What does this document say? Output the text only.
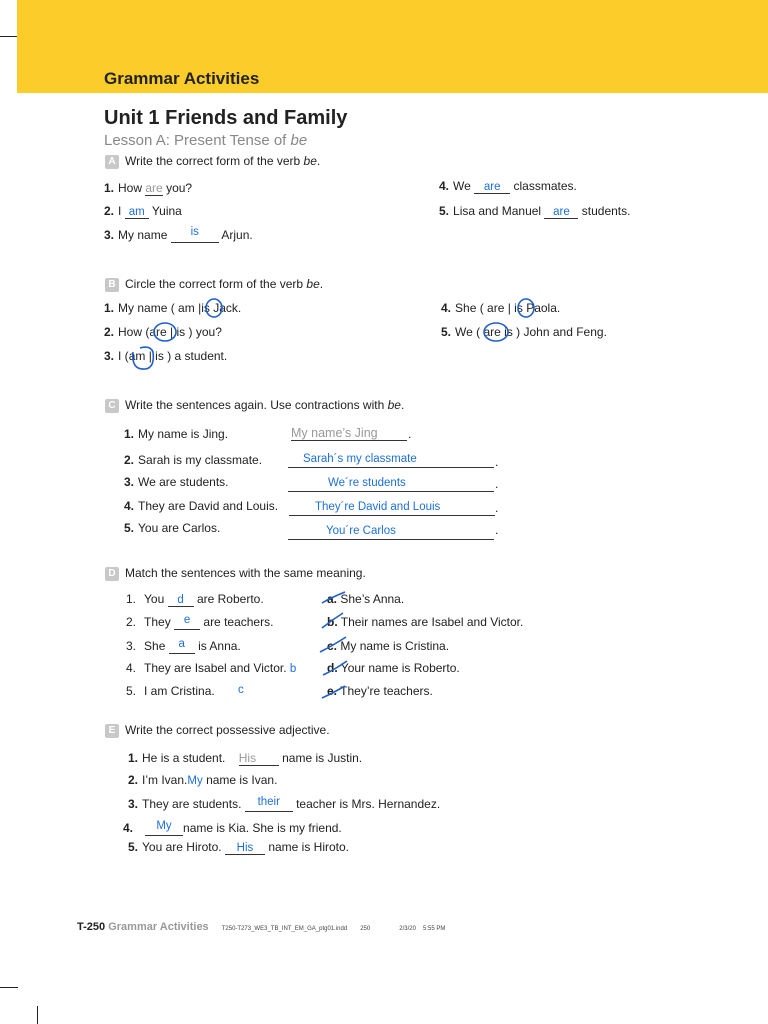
Grammar Activities
Unit 1 Friends and Family
Lesson A: Present Tense of be
A Write the correct form of the verb be.
1. How are you?
2. I am Yuina
3. My name is Arjun.
4. We are classmates.
5. Lisa and Manuel are students.
B Circle the correct form of the verb be.
1. My name ( am |is Jack.
2. How (are | is ) you?
3. I (am | is ) a student.
4. She ( are | is Paola.
5. We ( are is ) John and Feng.
C Write the sentences again. Use contractions with be.
1. My name is Jing.	My name’s Jing	.
2. Sarah is my classmate.	Sarah´s my classmate
3. We are students.	We´re students
4. They are David and Louis.	They´re David and Louis
5. You are Carlos.	You´re Carlos
.
.
.
.
D Match the sentences with the same meaning.
1. You d are Roberto.
2. They e are teachers.
3. She a is Anna.
4. They are Isabel and Victor. b
5. I am Cristina. c
a. She’s Anna.
b. Their names are Isabel and Victor.
c. My name is Cristina.
d. Your name is Roberto.
e. They’re teachers.
E Write the correct possessive adjective.
1. He is a student. His name is Justin.
2. I’m Ivan.My name is Ivan.
3. They are students. their teacher is Mrs. Hernandez.
4. My name is Kia. She is my friend.
5. You are Hiroto. His name is Hiroto.
T-250 Grammar Activities T250-T273_WE3_TB_INT_EM_GA_ptg01.indd 250	2/3/20 5:55 PM
